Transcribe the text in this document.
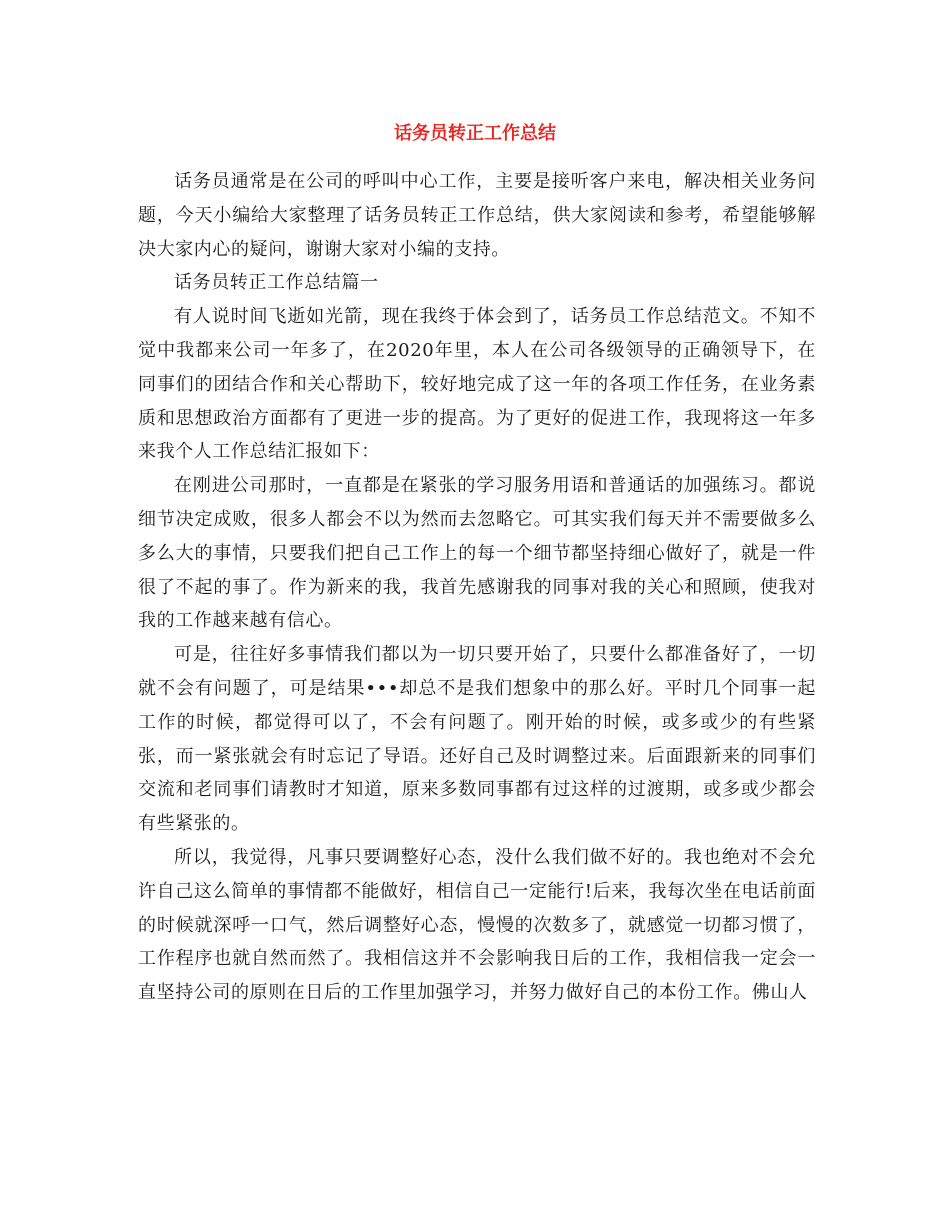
话务员转正工作总结

话务员通常是在公司的呼叫中心工作，主要是接听客户来电，解决相关业务问题，今天小编给大家整理了话务员转正工作总结，供大家阅读和参考，希望能够解决大家内心的疑问，谢谢大家对小编的支持。

话务员转正工作总结篇一

有人说时间飞逝如光箭，现在我终于体会到了，话务员工作总结范文。不知不觉中我都来公司一年多了，在2020年里，本人在公司各级领导的正确领导下，在同事们的团结合作和关心帮助下，较好地完成了这一年的各项工作任务，在业务素质和思想政治方面都有了更进一步的提高。为了更好的促进工作，我现将这一年多来我个人工作总结汇报如下：

在刚进公司那时，一直都是在紧张的学习服务用语和普通话的加强练习。都说细节决定成败，很多人都会不以为然而去忽略它。可其实我们每天并不需要做多么多么大的事情，只要我们把自己工作上的每一个细节都坚持细心做好了，就是一件很了不起的事了。作为新来的我，我首先感谢我的同事对我的关心和照顾，使我对我的工作越来越有信心。

可是，往往好多事情我们都以为一切只要开始了，只要什么都准备好了，一切就不会有问题了，可是结果•••却总不是我们想象中的那么好。平时几个同事一起工作的时候，都觉得可以了，不会有问题了。刚开始的时候，或多或少的有些紧张，而一紧张就会有时忘记了导语。还好自己及时调整过来。后面跟新来的同事们交流和老同事们请教时才知道，原来多数同事都有过这样的过渡期，或多或少都会有些紧张的。

所以，我觉得，凡事只要调整好心态，没什么我们做不好的。我也绝对不会允许自己这么简单的事情都不能做好，相信自己一定能行!后来，我每次坐在电话前面的时候就深呼一口气，然后调整好心态，慢慢的次数多了，就感觉一切都习惯了，工作程序也就自然而然了。我相信这并不会影响我日后的工作，我相信我一定会一直坚持公司的原则在日后的工作里加强学习，并努力做好自己的本份工作。佛山人
